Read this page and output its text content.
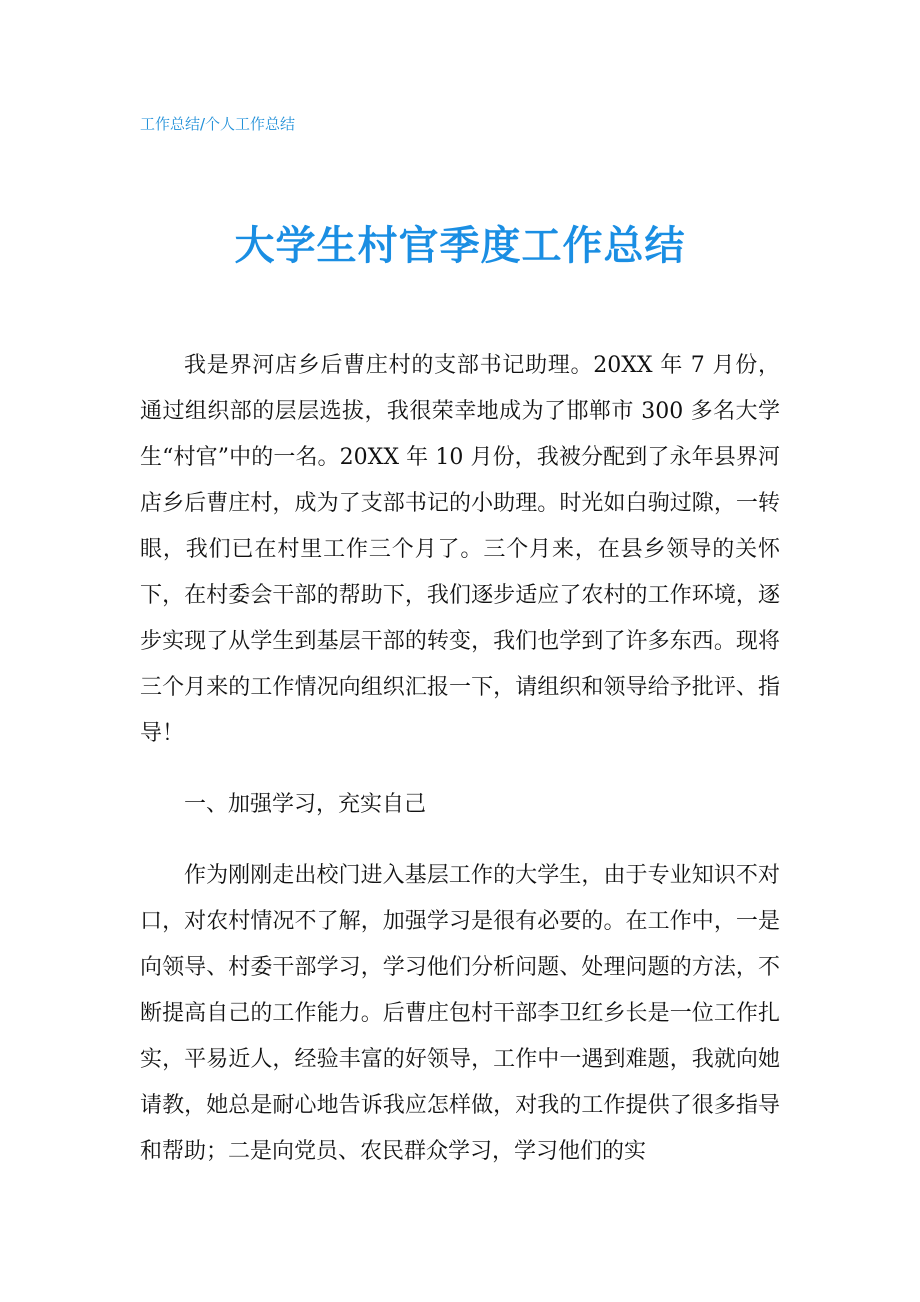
工作总结/个人工作总结
大学生村官季度工作总结

我是界河店乡后曹庄村的支部书记助理。20XX 年 7 月份，通过组织部的层层选拔，我很荣幸地成为了邯郸市 300 多名大学生“村官”中的一名。20XX 年 10 月份，我被分配到了永年县界河店乡后曹庄村，成为了支部书记的小助理。时光如白驹过隙，一转眼，我们已在村里工作三个月了。三个月来，在县乡领导的关怀下，在村委会干部的帮助下，我们逐步适应了农村的工作环境，逐步实现了从学生到基层干部的转变，我们也学到了许多东西。现将三个月来的工作情况向组织汇报一下，请组织和领导给予批评、指导！

一、加强学习，充实自己

作为刚刚走出校门进入基层工作的大学生，由于专业知识不对口，对农村情况不了解，加强学习是很有必要的。在工作中，一是向领导、村委干部学习，学习他们分析问题、处理问题的方法，不断提高自己的工作能力。后曹庄包村干部李卫红乡长是一位工作扎实，平易近人，经验丰富的好领导，工作中一遇到难题，我就向她请教，她总是耐心地告诉我应怎样做，对我的工作提供了很多指导和帮助；二是向党员、农民群众学习，学习他们的实
